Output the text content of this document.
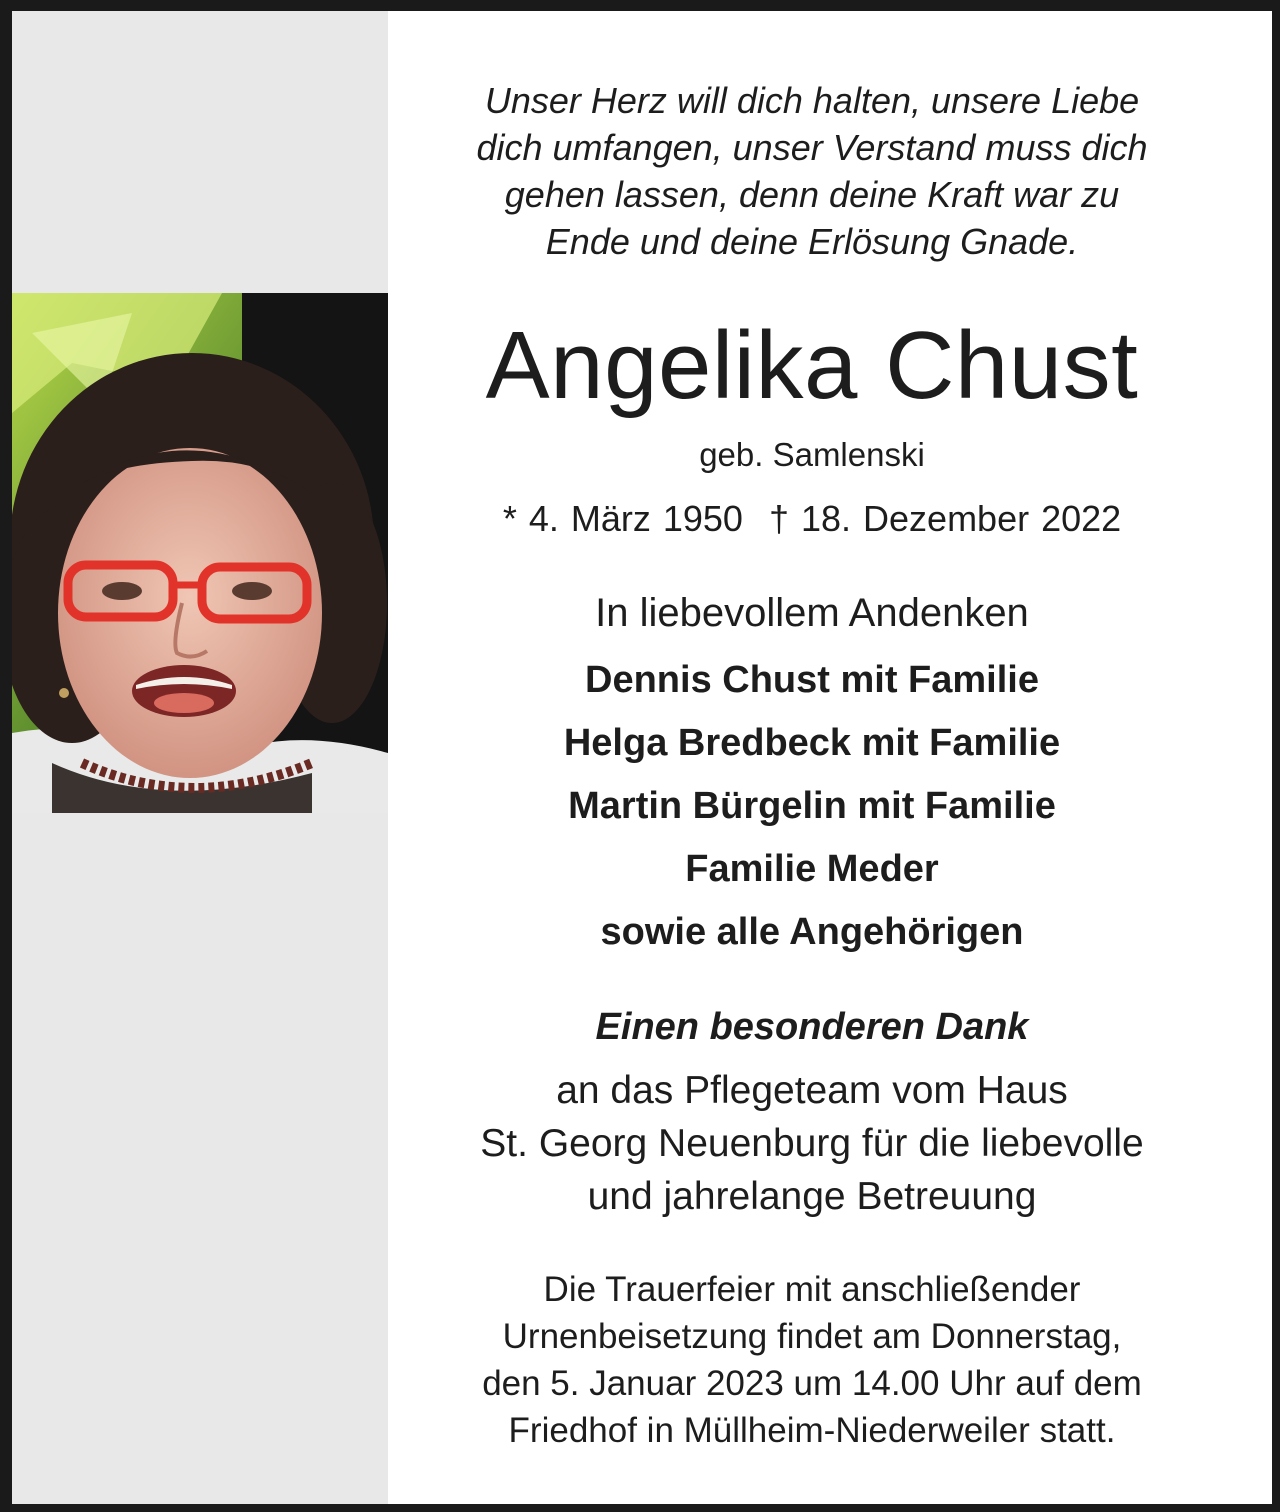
Unser Herz will dich halten, unsere Liebe
dich umfangen, unser Verstand muss dich
gehen lassen, denn deine Kraft war zu
Ende und deine Erlösung Gnade.
Angelika Chust
geb. Samlenski
* 4. März 1950 † 18. Dezember 2022
In liebevollem Andenken
Dennis Chust mit Familie
Helga Bredbeck mit Familie
Martin Bürgelin mit Familie
Familie Meder
sowie alle Angehörigen
Einen besonderen Dank
an das Pflegeteam vom Haus
St. Georg Neuenburg für die liebevolle
und jahrelange Betreuung
Die Trauerfeier mit anschließender
Urnenbeisetzung findet am Donnerstag,
den 5. Januar 2023 um 14.00 Uhr auf dem
Friedhof in Müllheim-Niederweiler statt.
